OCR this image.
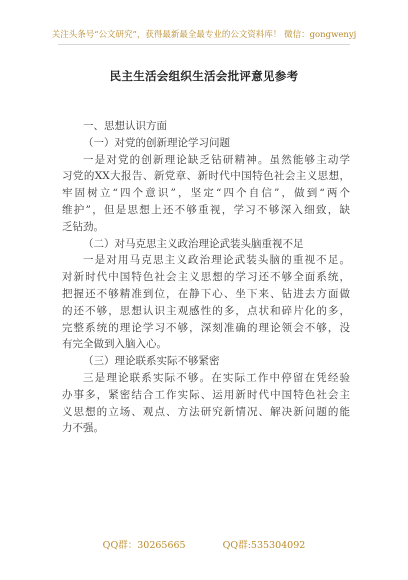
关注头条号“公文研究”，获得最新最全最专业的公文资料库！ 微信：gongwenyj
民主生活会组织生活会批评意见参考
一、思想认识方面
（一）对党的创新理论学习问题
一是对党的创新理论缺乏钻研精神。虽然能够主动学
习党的XX大报告、新党章、新时代中国特色社会主义思想，
牢固树立“四个意识”，坚定“四个自信”，做到“两个
维护”，但是思想上还不够重视，学习不够深入细致，缺
乏钻劲。
（二）对马克思主义政治理论武装头脑重视不足
一是对用马克思主义政治理论武装头脑的重视不足。
对新时代中国特色社会主义思想的学习还不够全面系统，
把握还不够精准到位，在静下心、坐下来、钻进去方面做
的还不够，思想认识主观感性的多，点状和碎片化的多，
完整系统的理论学习不够，深刻准确的理论领会不够，没
有完全做到入脑入心。
（三）理论联系实际不够紧密
三是理论联系实际不够。在实际工作中停留在凭经验
办事多，紧密结合工作实际、运用新时代中国特色社会主
义思想的立场、观点、方法研究新情况、解决新问题的能
力不强。
QQ群：30265665	QQ群:535304092
